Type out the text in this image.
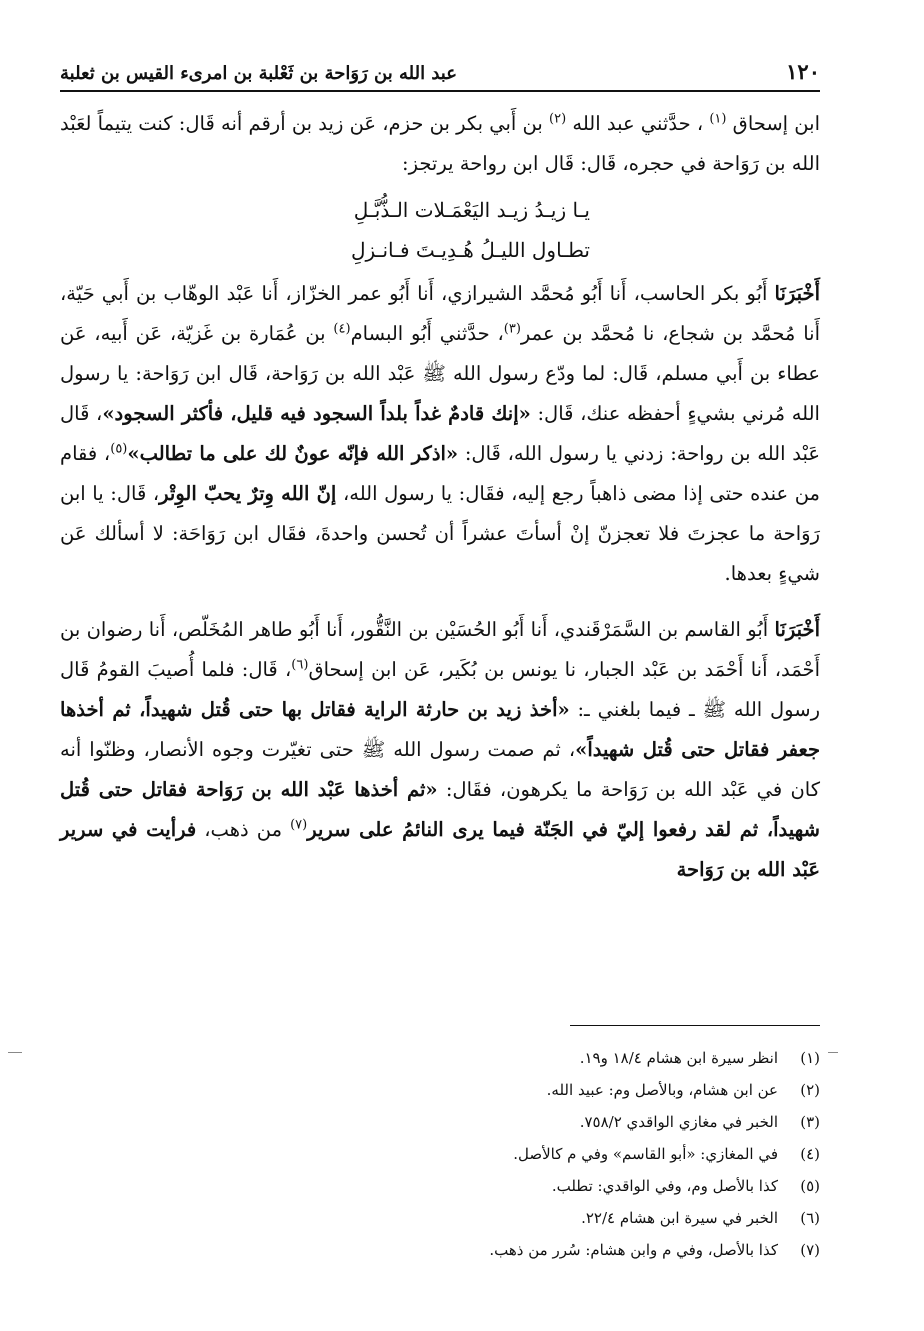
١٢٠
عبد الله بن رَوَاحة بن ثَعْلبة بن امرىء القيس بن ثعلبة

ابن إسحاق $^{(١)}$ ، حدَّثني عبد الله $^{(٢)}$ بن أَبي بكر بن حزم، عَن زيد بن أرقم أنه قَال: كنت يتيماً لعَبْد الله بن رَوَاحة في حجره، قَال: قَال ابن رواحة يرتجز:

يـا زيـدُ زيـد اليَعْمَـلات الـذُّبَّـلِ

تطـاول الليـلُ هُـدِيـتَ فـانـزلِ

أَخْبَرَنَا أَبُو بكر الحاسب، أَنا أَبُو مُحمَّد الشيرازي، أَنا أَبُو عمر الخزّاز، أَنا عَبْد الوهّاب بن أَبي حَيّة، أَنا مُحمَّد بن شجاع، نا مُحمَّد بن عمر$^{(٣)}$، حدَّثني أَبُو البسام$^{(٤)}$ بن عُمَارة بن غَزيّة، عَن أَبيه، عَن عطاء بن أَبي مسلم، قَال: لما ودّع رسول الله ﷺ عَبْد الله بن رَوَاحة، قَال ابن رَوَاحة: يا رسول الله مُرني بشيءٍ أحفظه عنك، قَال: «إنك قادمٌ غداً بلداً السجود فيه قليل، فأكثر السجود»، قَال عَبْد الله بن رواحة: زدني يا رسول الله، قَال: «اذكر الله فإنّه عونٌ لك على ما تطالب»$^{(٥)}$، فقام من عنده حتى إذا مضى ذاهباً رجع إليه، فقَال: يا رسول الله، إنّ الله وِترٌ يحبّ الوِتْر، قَال: يا ابن رَوَاحة ما عجزتَ فلا تعجزنّ إنْ أسأتَ عشراً أن تُحسن واحدةَ، فقَال ابن رَوَاحَة: لا أسألك عَن شيءٍ بعدها.

أَخْبَرَنَا أَبُو القاسم بن السَّمَرْقَندي، أَنا أَبُو الحُسَيْن بن النَّقُّور، أَنا أَبُو طاهر المُخَلّص، أَنا رضوان بن أَحْمَد، أَنا أَحْمَد بن عَبْد الجبار، نا يونس بن بُكَير، عَن ابن إسحاق$^{(٦)}$، قَال: فلما أُصيبَ القومُ قَال رسول الله ﷺ ـ فيما بلغني ـ: «أخذ زيد بن حارثة الراية فقاتل بها حتى قُتل شهيداً، ثم أخذها جعفر فقاتل حتى قُتل شهيداً»، ثم صمت رسول الله ﷺ حتى تغيّرت وجوه الأنصار، وظنّوا أنه كان في عَبْد الله بن رَوَاحة ما يكرهون، فقَال: «ثم أخذها عَبْد الله بن رَوَاحة فقاتل حتى قُتل شهيداً، ثم لقد رفعوا إليّ في الجَنّة فيما يرى النائمُ على سرير$^{(٧)}$ من ذهب، فرأيت في سرير عَبْد الله بن رَوَاحة

(١)
انظر سيرة ابن هشام ١٨/٤ و١٩.
(٢)
عن ابن هشام، وبالأصل وم: عبيد الله.
(٣)
الخبر في مغازي الواقدي ٧٥٨/٢.
(٤)
في المغازي: «أبو القاسم» وفي م كالأصل.
(٥)
كذا بالأصل وم، وفي الواقدي: تطلب.
(٦)
الخبر في سيرة ابن هشام ٢٢/٤.
(٧)
كذا بالأصل، وفي م وابن هشام: سُرر من ذهب.
